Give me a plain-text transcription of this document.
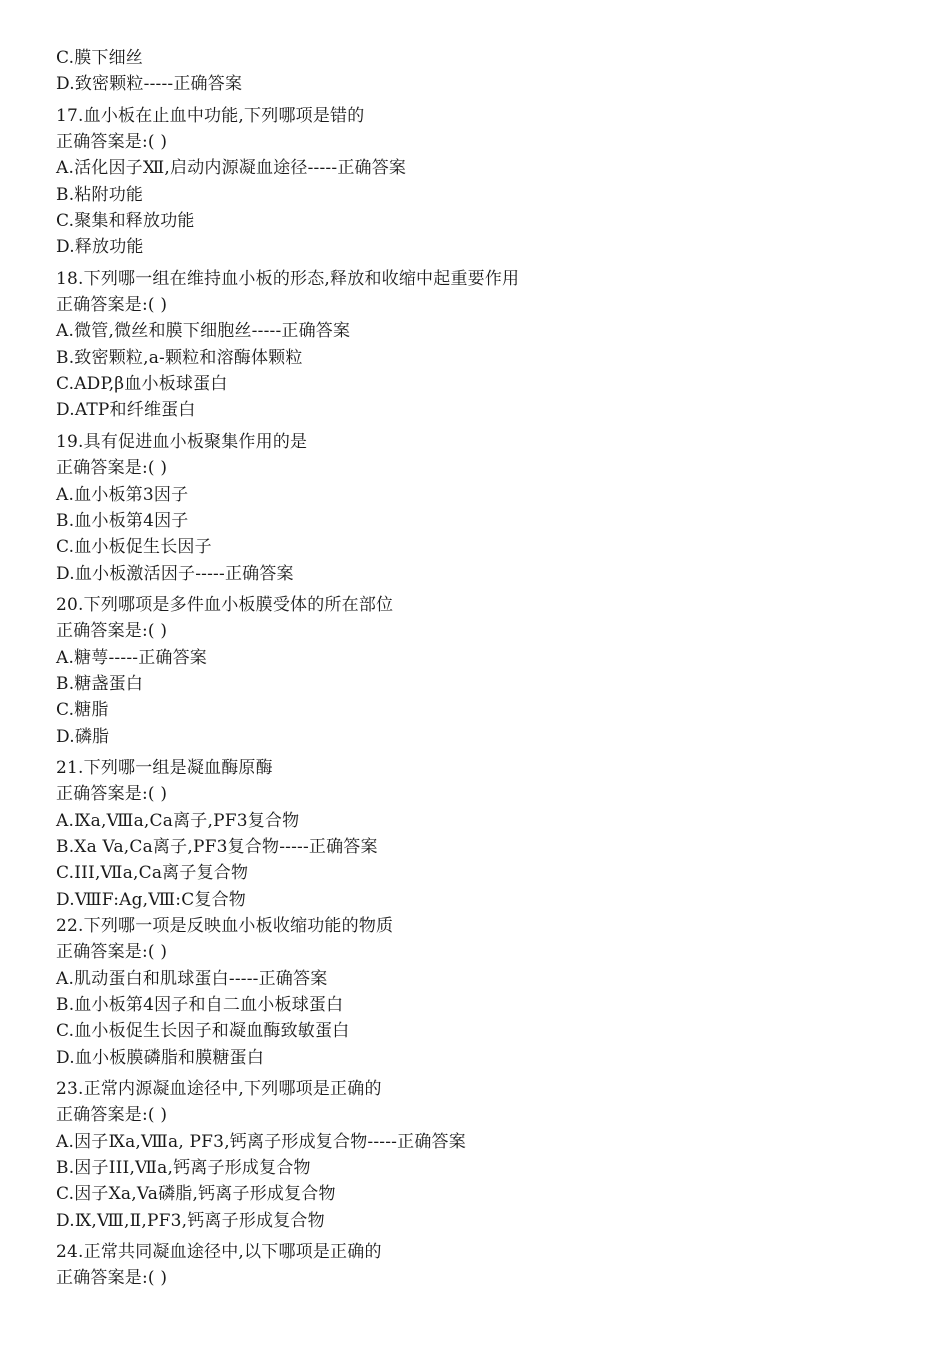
C.膜下细丝
D.致密颗粒-----正确答案
17.血小板在止血中功能,下列哪项是错的
正确答案是:( )
A.活化因子Ⅻ,启动内源凝血途径-----正确答案
B.粘附功能
C.聚集和释放功能
D.释放功能
18.下列哪一组在维持血小板的形态,释放和收缩中起重要作用
正确答案是:( )
A.微管,微丝和膜下细胞丝-----正确答案
B.致密颗粒,a-颗粒和溶酶体颗粒
C.ADP,β血小板球蛋白
D.ATP和纤维蛋白
19.具有促进血小板聚集作用的是
正确答案是:( )
A.血小板第3因子
B.血小板第4因子
C.血小板促生长因子
D.血小板激活因子-----正确答案
20.下列哪项是多件血小板膜受体的所在部位
正确答案是:( )
A.糖萼-----正确答案
B.糖盏蛋白
C.糖脂
D.磷脂
21.下列哪一组是凝血酶原酶
正确答案是:( )
A.Ⅸa,Ⅷa,Ca离子,PF3复合物
B.Xa Va,Ca离子,PF3复合物-----正确答案
C.III,Ⅶa,Ca离子复合物
D.ⅧF:Ag,Ⅷ:C复合物
22.下列哪一项是反映血小板收缩功能的物质
正确答案是:( )
A.肌动蛋白和肌球蛋白-----正确答案
B.血小板第4因子和自二血小板球蛋白
C.血小板促生长因子和凝血酶致敏蛋白
D.血小板膜磷脂和膜糖蛋白
23.正常内源凝血途径中,下列哪项是正确的
正确答案是:( )
A.因子Ⅸa,Ⅷa, PF3,钙离子形成复合物-----正确答案
B.因子III,Ⅶa,钙离子形成复合物
C.因子Xa,Va磷脂,钙离子形成复合物
D.Ⅸ,Ⅷ,Ⅱ,PF3,钙离子形成复合物
24.正常共同凝血途径中,以下哪项是正确的
正确答案是:( )
